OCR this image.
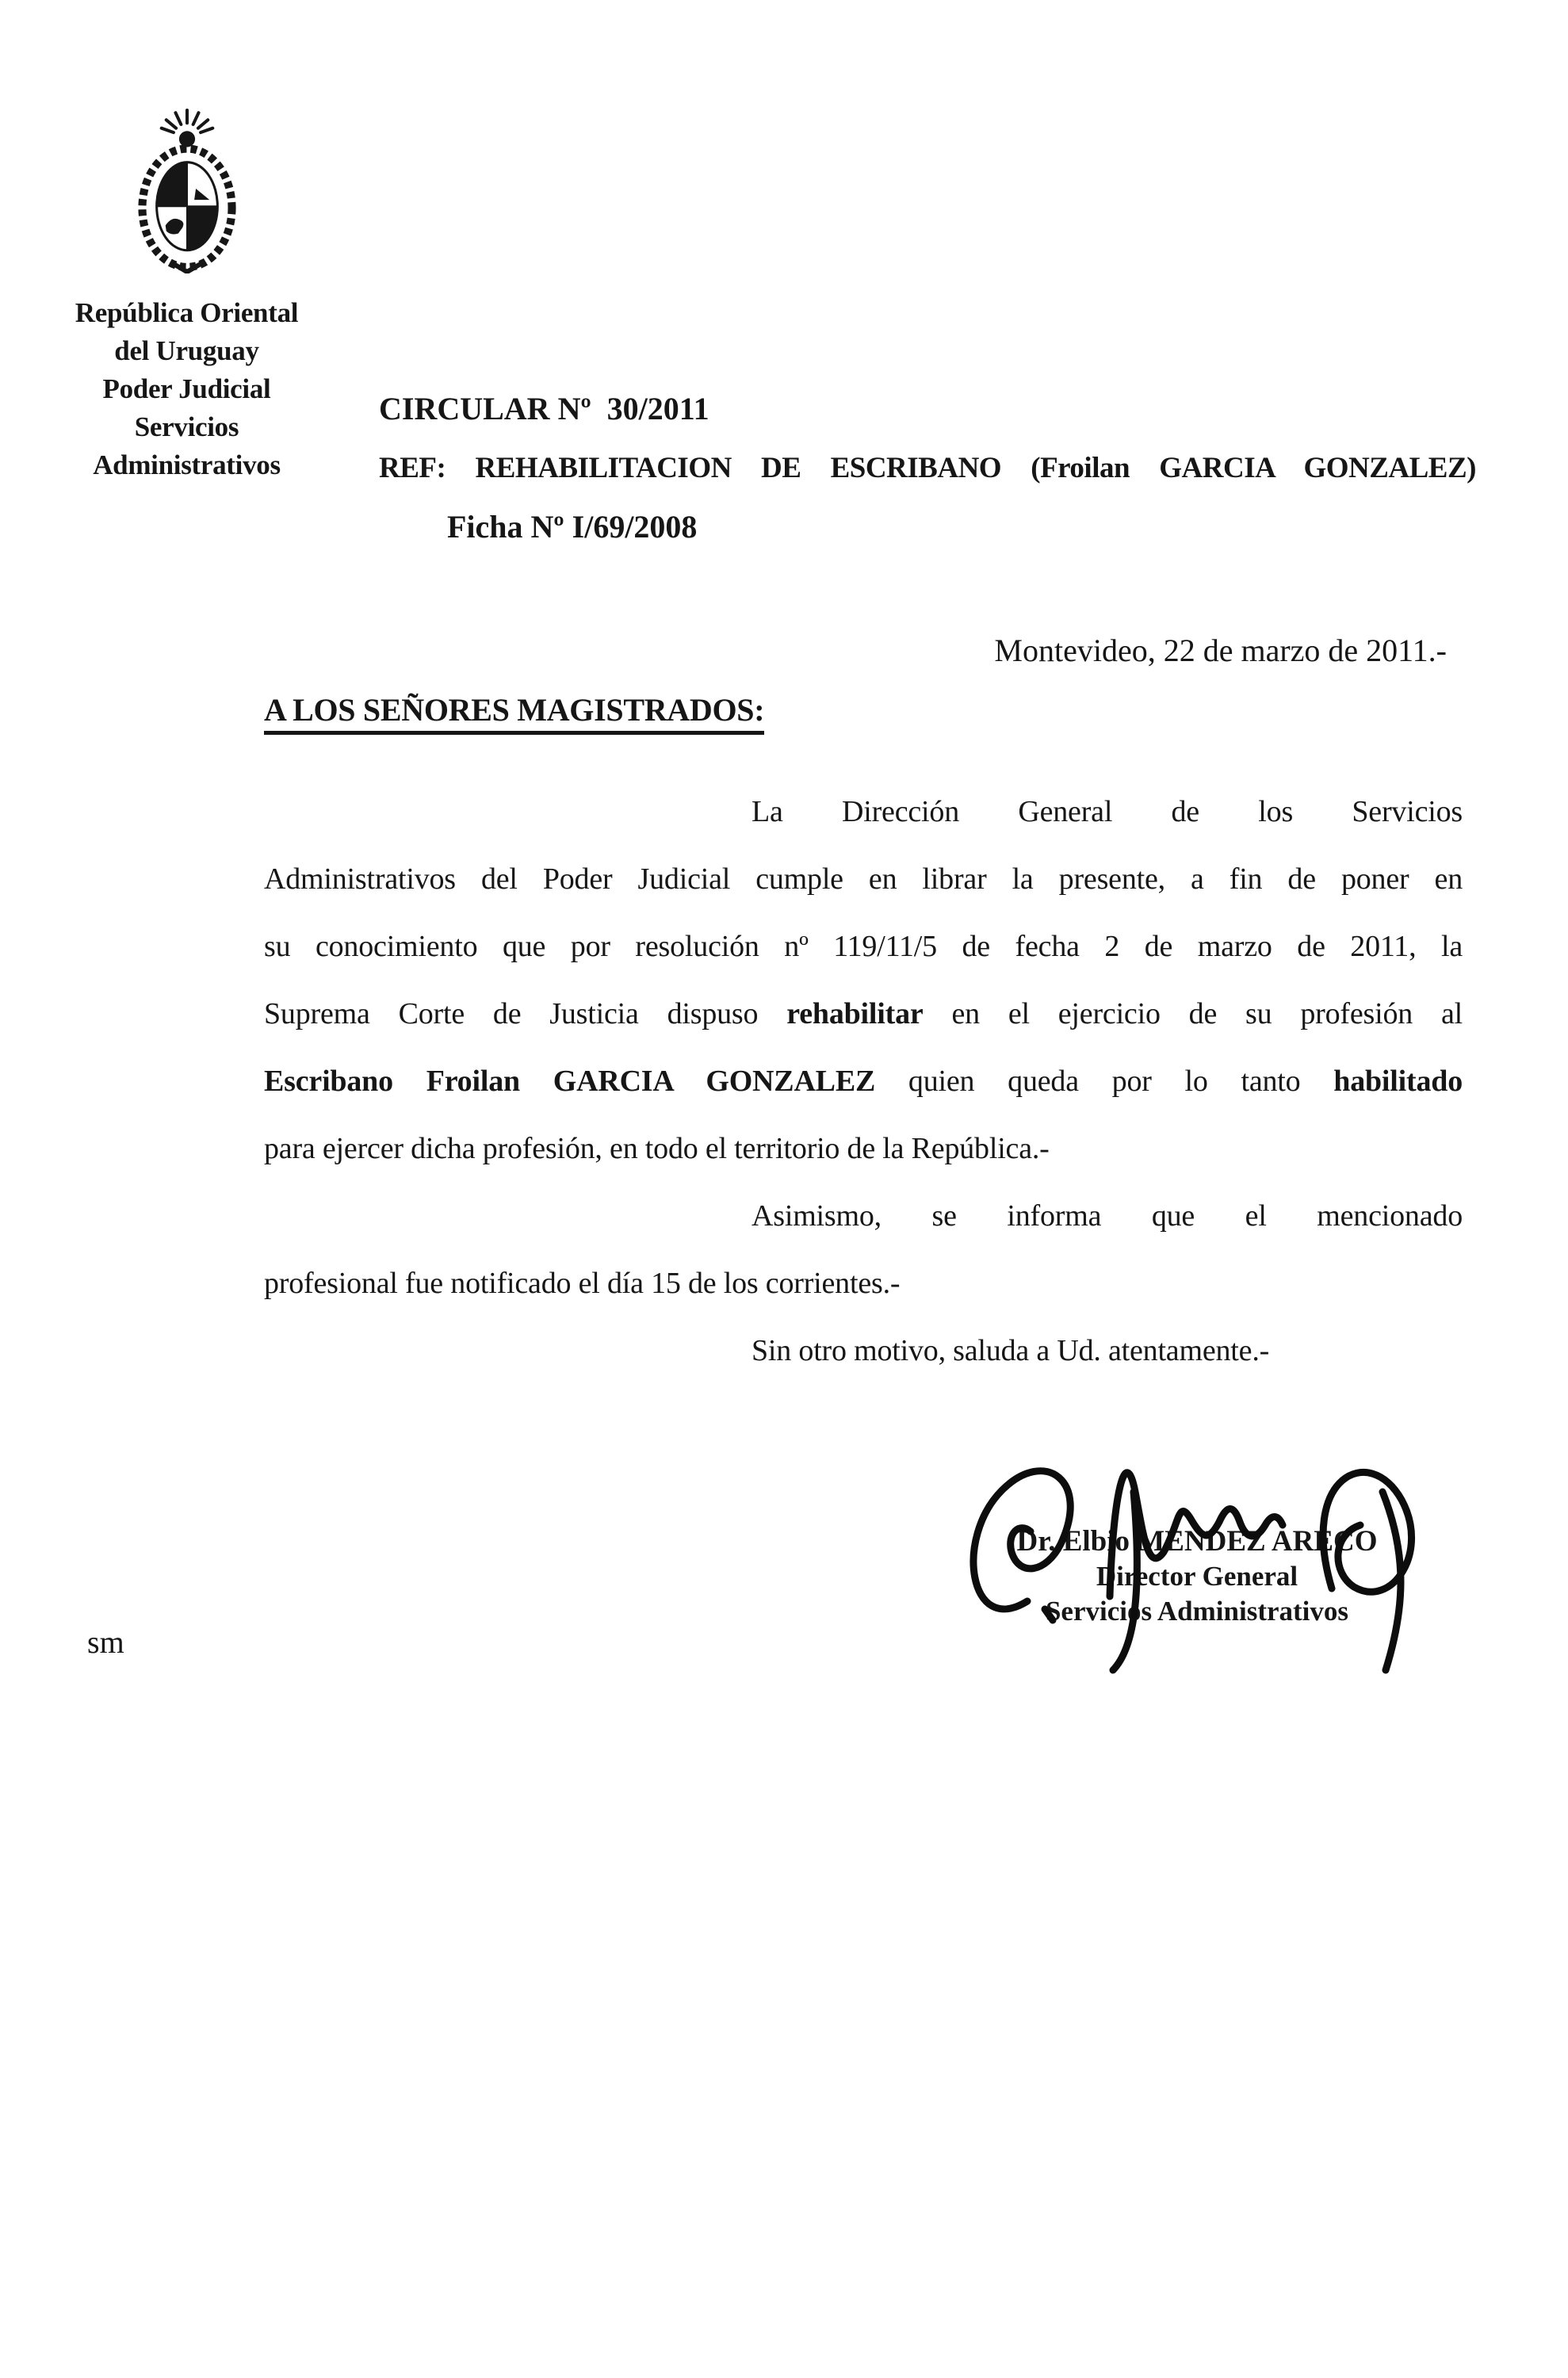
República Oriental
del Uruguay
Poder Judicial
Servicios
Administrativos
CIRCULAR Nº  30/2011
REF: REHABILITACION DE ESCRIBANO (Froilan GARCIA GONZALEZ)
Ficha Nº I/69/2008
Montevideo, 22 de marzo de 2011.-
A LOS SEÑORES MAGISTRADOS:
La Dirección General de los Servicios
Administrativos del Poder Judicial cumple en librar la presente, a fin de poner en
su conocimiento que por resolución nº 119/11/5 de fecha 2 de marzo de 2011, la
Suprema Corte de Justicia dispuso rehabilitar en el ejercicio de su profesión al
Escribano Froilan GARCIA GONZALEZ quien queda por lo tanto habilitado
para ejercer dicha profesión, en todo el territorio de la República.-
Asimismo, se informa que el mencionado
profesional fue notificado el día 15 de los corrientes.-
Sin otro motivo, saluda a Ud. atentamente.-
Dr. Elbio MENDEZ ARECO
Director General
Servicios Administrativos
sm
